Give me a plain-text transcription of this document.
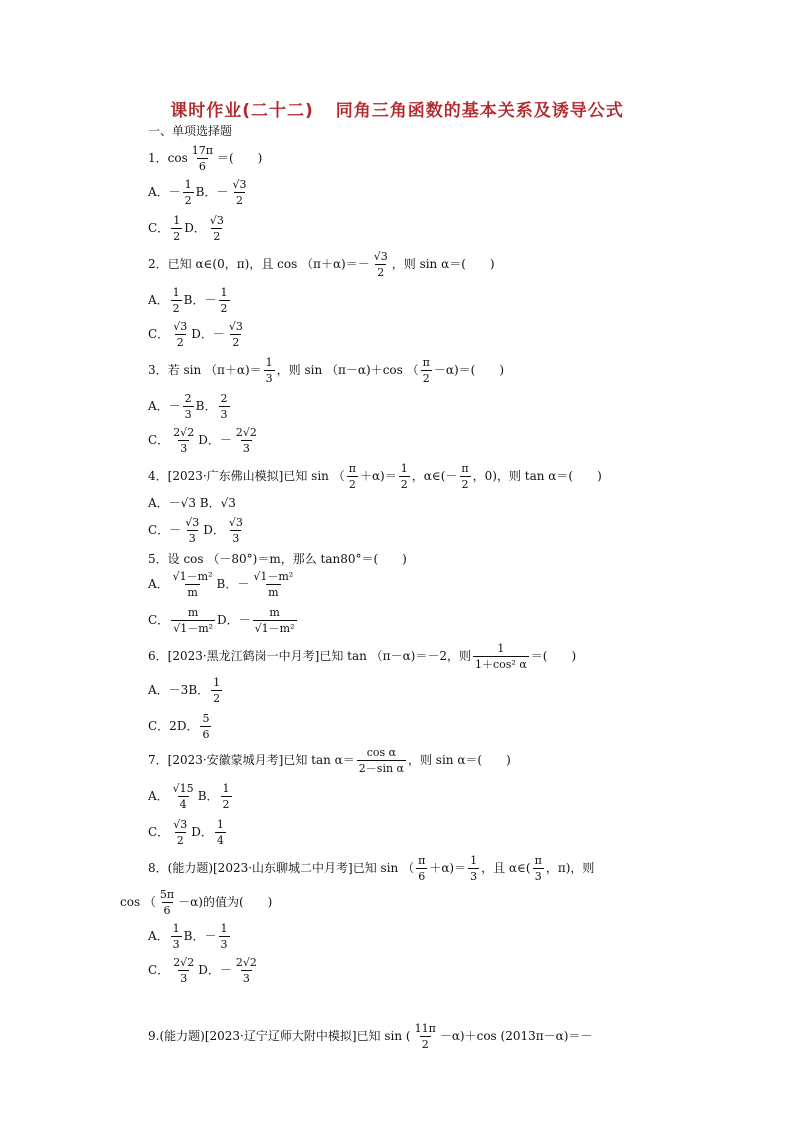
课时作业(二十二) 同角三角函数的基本关系及诱导公式
一、单项选择题
1．$\cos \frac{17\pi}{6}$ ＝(　　)
A．－ $\frac{1}{2}$ B．－ $\frac{√3}{2}$
C． $\frac{1}{2}$ D． $\frac{√3}{2}$
2．已知 α∈(0，π)，且 $\cos (\pi+\alpha)=- \frac{√3}{2}$ ，则 sin α＝(　　)
A． $\frac{1}{2}$ B．－ $\frac{1}{2}$
C． $\frac{√3}{2}$ D．－ $\frac{√3}{2}$
3．若 $\sin (\pi+\alpha)= \frac{1}{3}$ ，则 sin （π－α)＋cos （ $\frac{\pi}{2} -\alpha)=$(　　)
A．－ $\frac{2}{3}$ B． $\frac{2}{3}$
C． $\frac{2√2}{3}$ D．－ $\frac{2√2}{3}$
4．[2023·广东佛山模拟]已知 sin （ $\frac{\pi}{2} +\alpha)= \frac{1}{2}$ ，α∈(－ $\frac{\pi}{2}$ ，0)，则 tan α＝(　　)
A．－√3 B．√3
C．－ $\frac{√3}{3}$ D． $\frac{√3}{3}$
5．设 cos （－80°)＝m，那么 tan80°＝(　　)
A． $\frac{\text{√1－m²}}{m}$ B．－ $\frac{\text{√1－m²}}{m}$
C． $\frac{m}{\text{√1－m²}}$ D．－ $\frac{m}{\text{√1－m²}}$
6．[2023·黑龙江鹤岗一中月考]已知 tan （π－α)＝－2，则 $\frac{1}{\text{1＋cos² α}}$ ＝(　　)
A．－3B． $\frac{1}{2}$
C．2D． $\frac{5}{6}$
7．[2023·安徽蒙城月考]已知 $\tan \alpha= \frac{\text{cos α}}{\text{2－sin α}}$ ，则 sin α＝(　　)
A． $\frac{√15}{4}$ B． $\frac{1}{2}$
C． $\frac{√3}{2}$ D． $\frac{1}{4}$
8．(能力题)[2023·山东聊城二中月考]已知 sin （ $\frac{\pi}{6} +\alpha)= \frac{1}{3}$ ，且 α∈( $\frac{\pi}{3}$ ，π)，则
cos （ $\frac{5\pi}{6} -\alpha$)的值为(　　)
A． $\frac{1}{3}$ B．－ $\frac{1}{3}$
C． $\frac{2√2}{3}$ D．－ $\frac{2√2}{3}$
9.(能力题)[2023·辽宁辽师大附中模拟]已知 sin ( $\frac{11\pi}{2} -\alpha)+\cos$ (2013π－α)＝－
